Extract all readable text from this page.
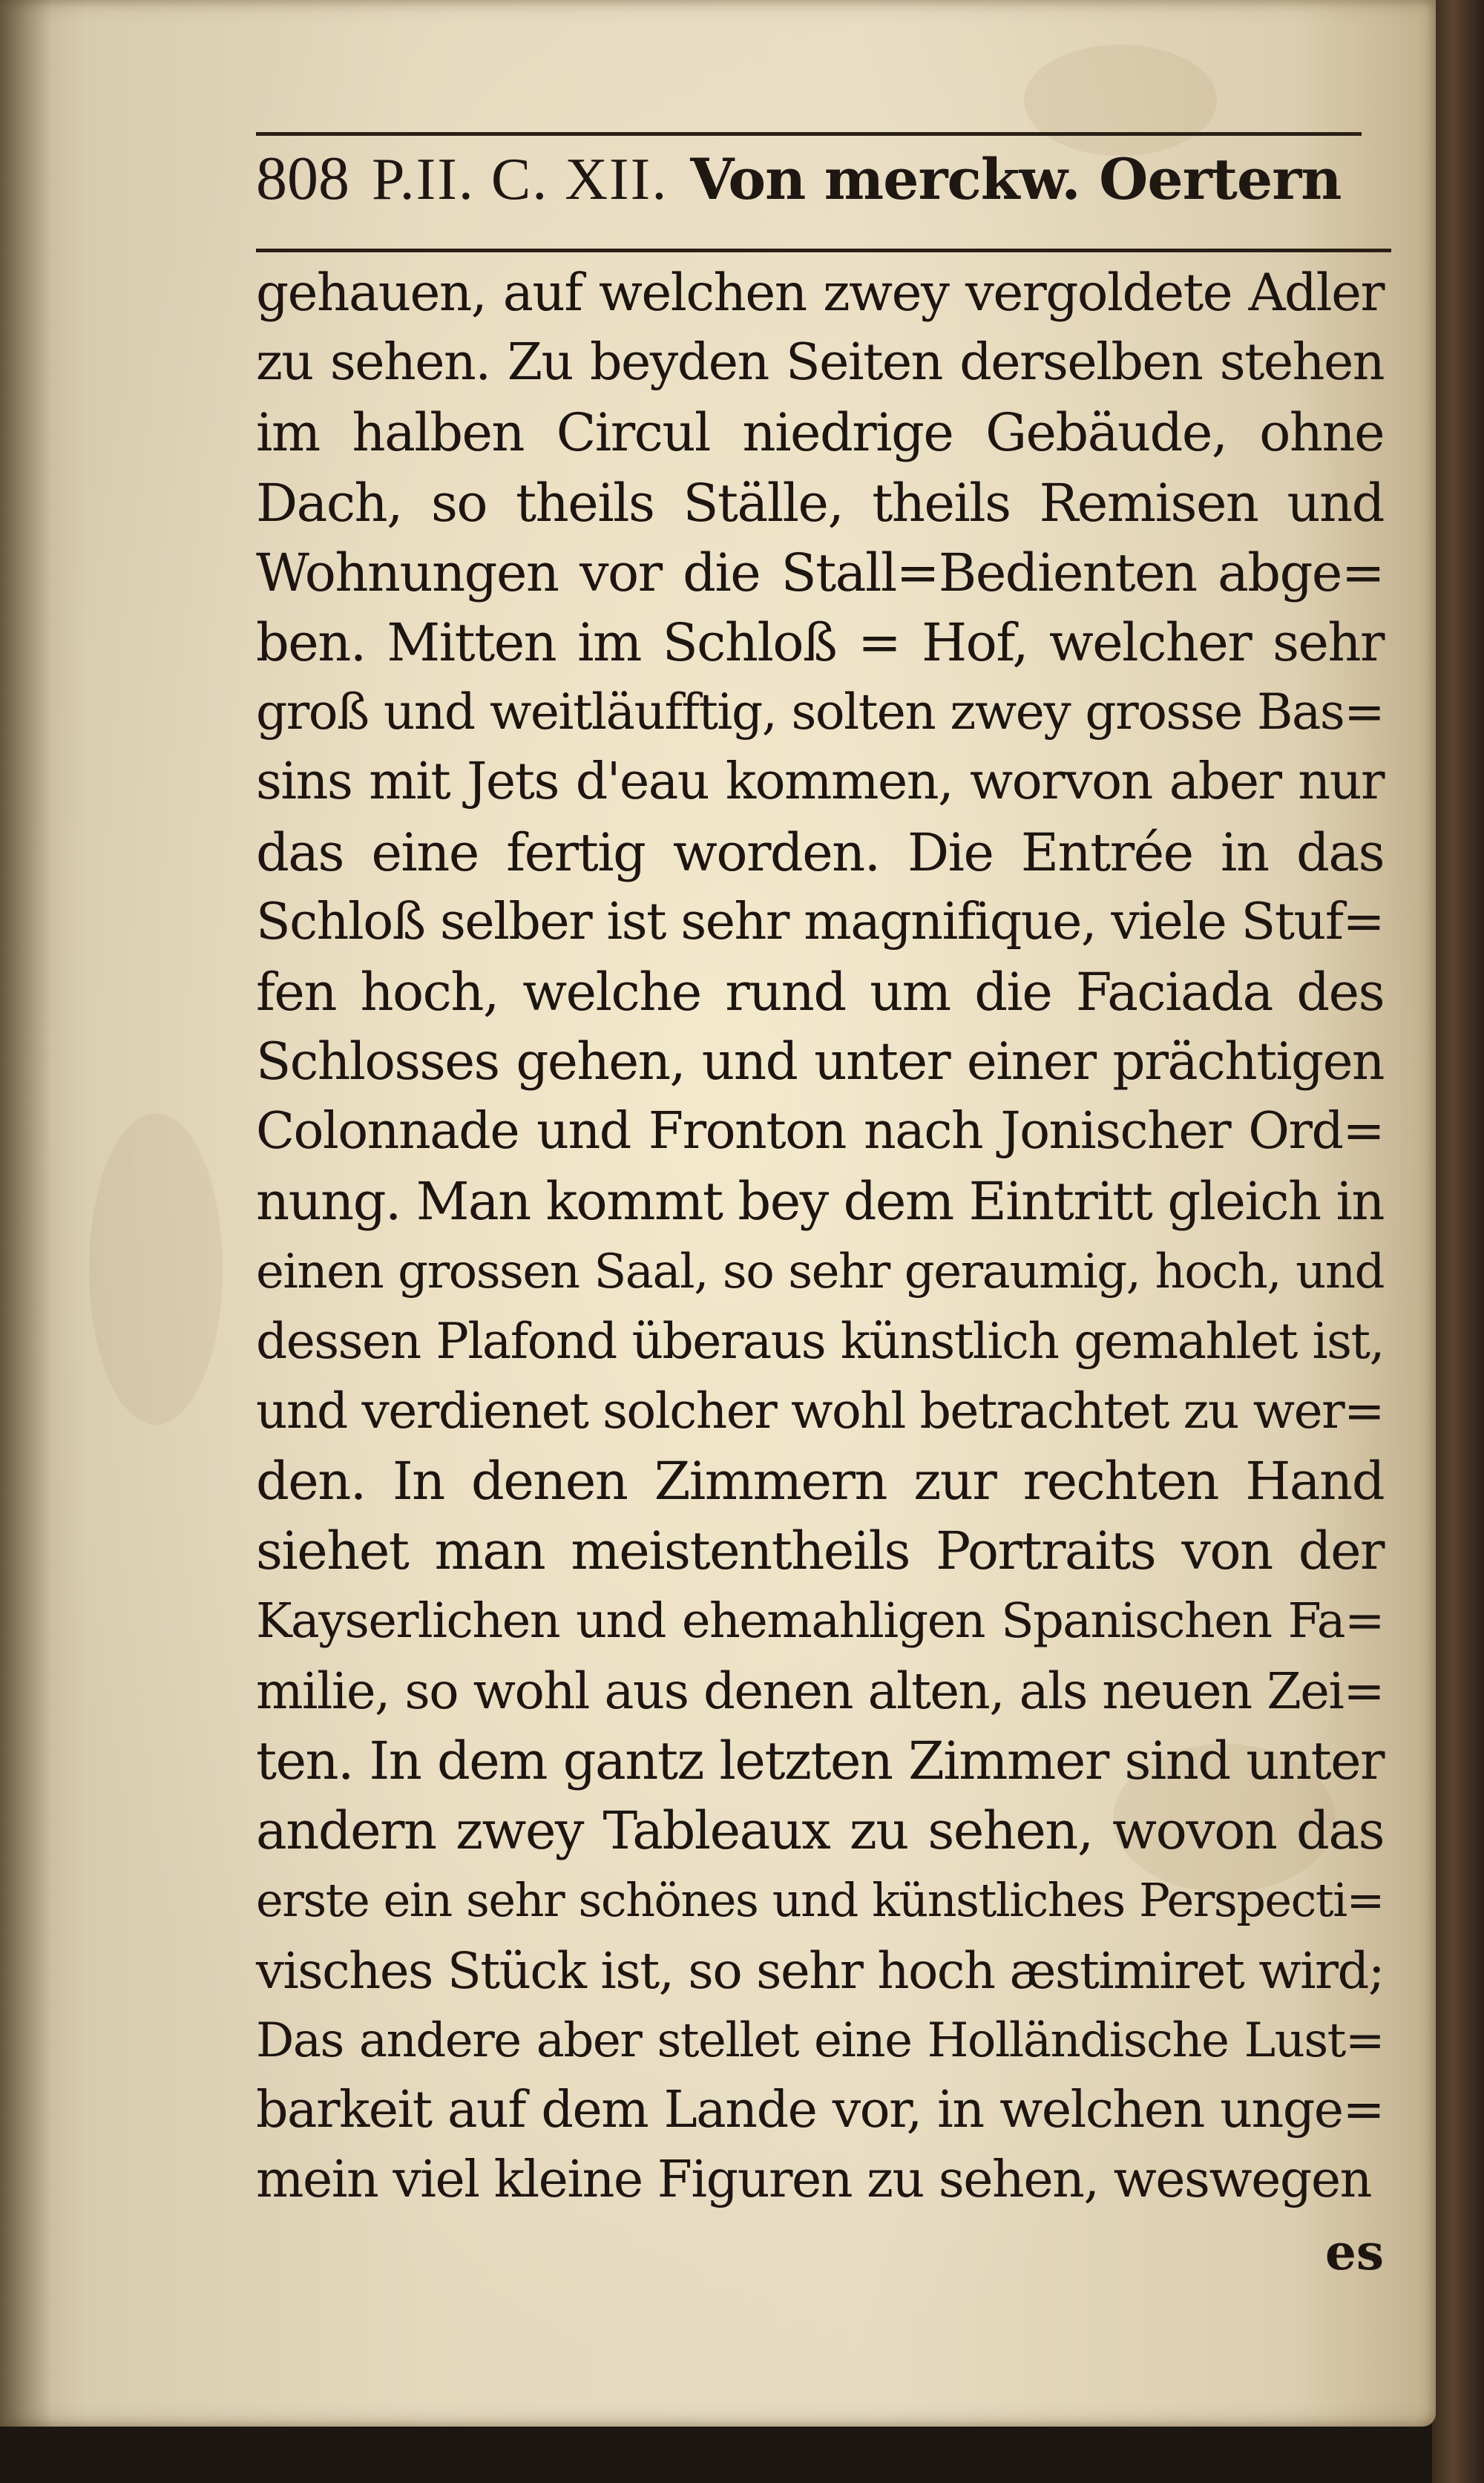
808 P.II. C. XII. Von merckw. Oertern
gehauen, auf welchen zwey vergoldete Adler
zu sehen. Zu beyden Seiten derselben stehen
im halben Circul niedrige Gebäude, ohne
Dach, so theils Ställe, theils Remisen und
Wohnungen vor die Stall=Bedienten abge=
ben. Mitten im Schloß = Hof, welcher sehr
groß und weitläufftig, solten zwey grosse Bas=
sins mit Jets d'eau kommen, worvon aber nur
das eine fertig worden. Die Entrée in das
Schloß selber ist sehr magnifique, viele Stuf=
fen hoch, welche rund um die Faciada des
Schlosses gehen, und unter einer prächtigen
Colonnade und Fronton nach Jonischer Ord=
nung. Man kommt bey dem Eintritt gleich in
einen grossen Saal, so sehr geraumig, hoch, und
dessen Plafond überaus künstlich gemahlet ist,
und verdienet solcher wohl betrachtet zu wer=
den. In denen Zimmern zur rechten Hand
siehet man meistentheils Portraits von der
Kayserlichen und ehemahligen Spanischen Fa=
milie, so wohl aus denen alten, als neuen Zei=
ten. In dem gantz letzten Zimmer sind unter
andern zwey Tableaux zu sehen, wovon das
erste ein sehr schönes und künstliches Perspecti=
visches Stück ist, so sehr hoch æstimiret wird;
Das andere aber stellet eine Holländische Lust=
barkeit auf dem Lande vor, in welchen unge=
mein viel kleine Figuren zu sehen, weswegen
es
